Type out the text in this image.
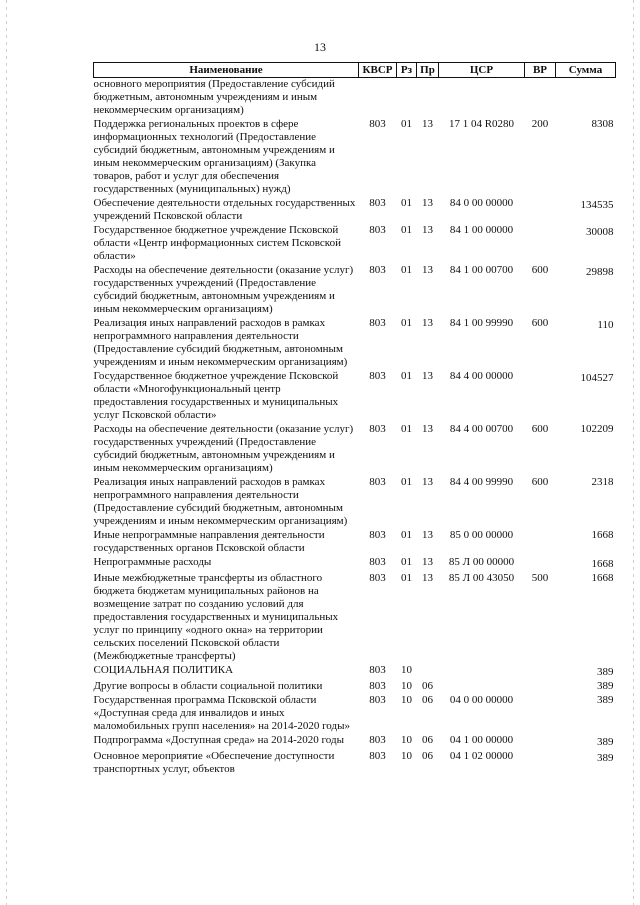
13
Наименование	КВСР	Рз	Пр	ЦСР	ВР	Сумма
основного мероприятия (Предоставление субсидий бюджетным, автономным учреждениям и иным некоммерческим организациям)						
Поддержка региональных проектов в сфере информационных технологий (Предоставление субсидий бюджетным, автономным учреждениям и иным некоммерческим организациям) (Закупка товаров, работ и услуг для обеспечения государственных (муниципальных) нужд)	803	01	13	17 1 04 R0280	200	8308
Обеспечение деятельности отдельных государственных учреждений Псковской области	803	01	13	84 0 00 00000		134535
Государственное бюджетное учреждение Псковской области «Центр информационных систем Псковской области»	803	01	13	84 1 00 00000		30008
Расходы на обеспечение деятельности (оказание услуг) государственных учреждений (Предоставление субсидий бюджетным, автономным учреждениям и иным некоммерческим организациям)	803	01	13	84 1 00 00700	600	29898
Реализация иных направлений расходов в рамках непрограммного направления деятельности (Предоставление субсидий бюджетным, автономным учреждениям и иным некоммерческим организациям)	803	01	13	84 1 00 99990	600	110
Государственное бюджетное учреждение Псковской области «Многофункциональный центр предоставления государственных и муниципальных услуг Псковской области»	803	01	13	84 4 00 00000		104527
Расходы на обеспечение деятельности (оказание услуг) государственных учреждений (Предоставление субсидий бюджетным, автономным учреждениям и иным некоммерческим организациям)	803	01	13	84 4 00 00700	600	102209
Реализация иных направлений расходов в рамках непрограммного направления деятельности (Предоставление субсидий бюджетным, автономным учреждениям и иным некоммерческим организациям)	803	01	13	84 4 00 99990	600	2318
Иные непрограммные направления деятельности государственных органов Псковской области	803	01	13	85 0 00 00000		1668
Непрограммные расходы	803	01	13	85 Л 00 00000		1668
Иные межбюджетные трансферты из областного бюджета бюджетам муниципальных районов на возмещение затрат по созданию условий для предоставления государственных и муниципальных услуг по принципу «одного окна» на территории сельских поселений Псковской области (Межбюджетные трансферты)	803	01	13	85 Л 00 43050	500	1668
СОЦИАЛЬНАЯ ПОЛИТИКА	803	10				389
Другие вопросы в области социальной политики	803	10	06			389
Государственная программа Псковской области «Доступная среда для инвалидов и иных маломобильных групп населения» на 2014-2020 годы»	803	10	06	04 0 00 00000		389
Подпрограмма «Доступная среда» на 2014-2020 годы	803	10	06	04 1 00 00000		389
Основное мероприятие «Обеспечение доступности транспортных услуг, объектов	803	10	06	04 1 02 00000		389
